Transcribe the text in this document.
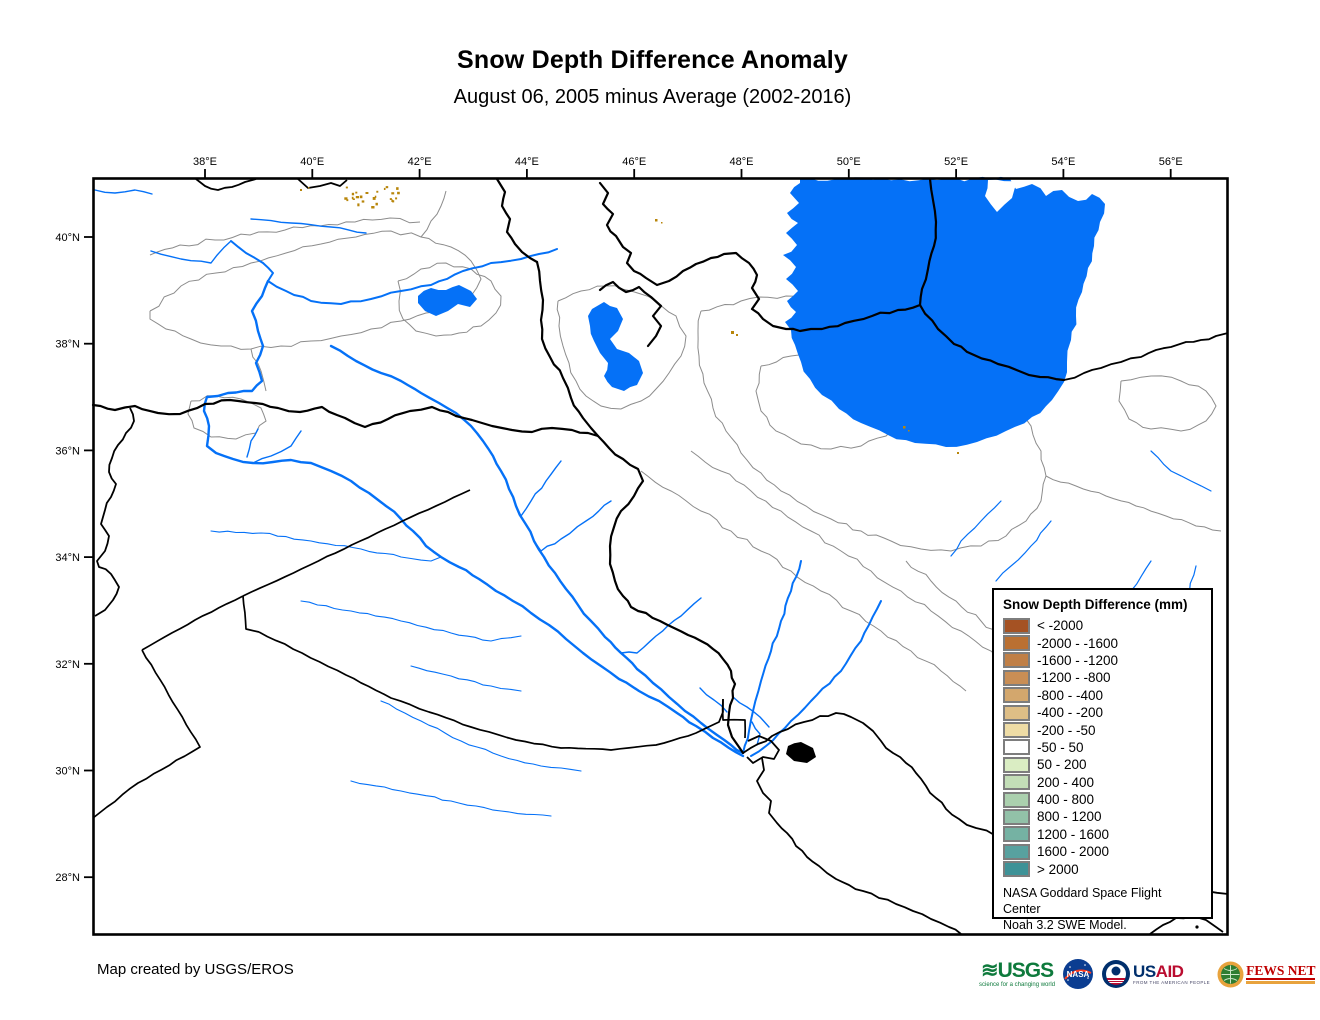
Snow Depth Difference Anomaly
August 06, 2005 minus Average (2002-2016)
38°E	40°E	42°E	44°E	46°E	48°E	50°E	52°E	54°E	56°E
40°N
38°N
36°N
34°N
32°N
30°N
28°N
Snow Depth Difference (mm)
< -2000
-2000 - -1600
-1600 - -1200
-1200 - -800
-800 - -400
-400 - -200
-200 - -50
-50 - 50
50 - 200
200 - 400
400 - 800
800 - 1200
1200 - 1600
1600 - 2000
> 2000
NASA Goddard Space Flight Center
Noah 3.2 SWE Model.
Map created by USGS/EROS	≋USGS
science for a changing world
NASA	USAID
FROM THE AMERICAN PEOPLE
FEWS NET
